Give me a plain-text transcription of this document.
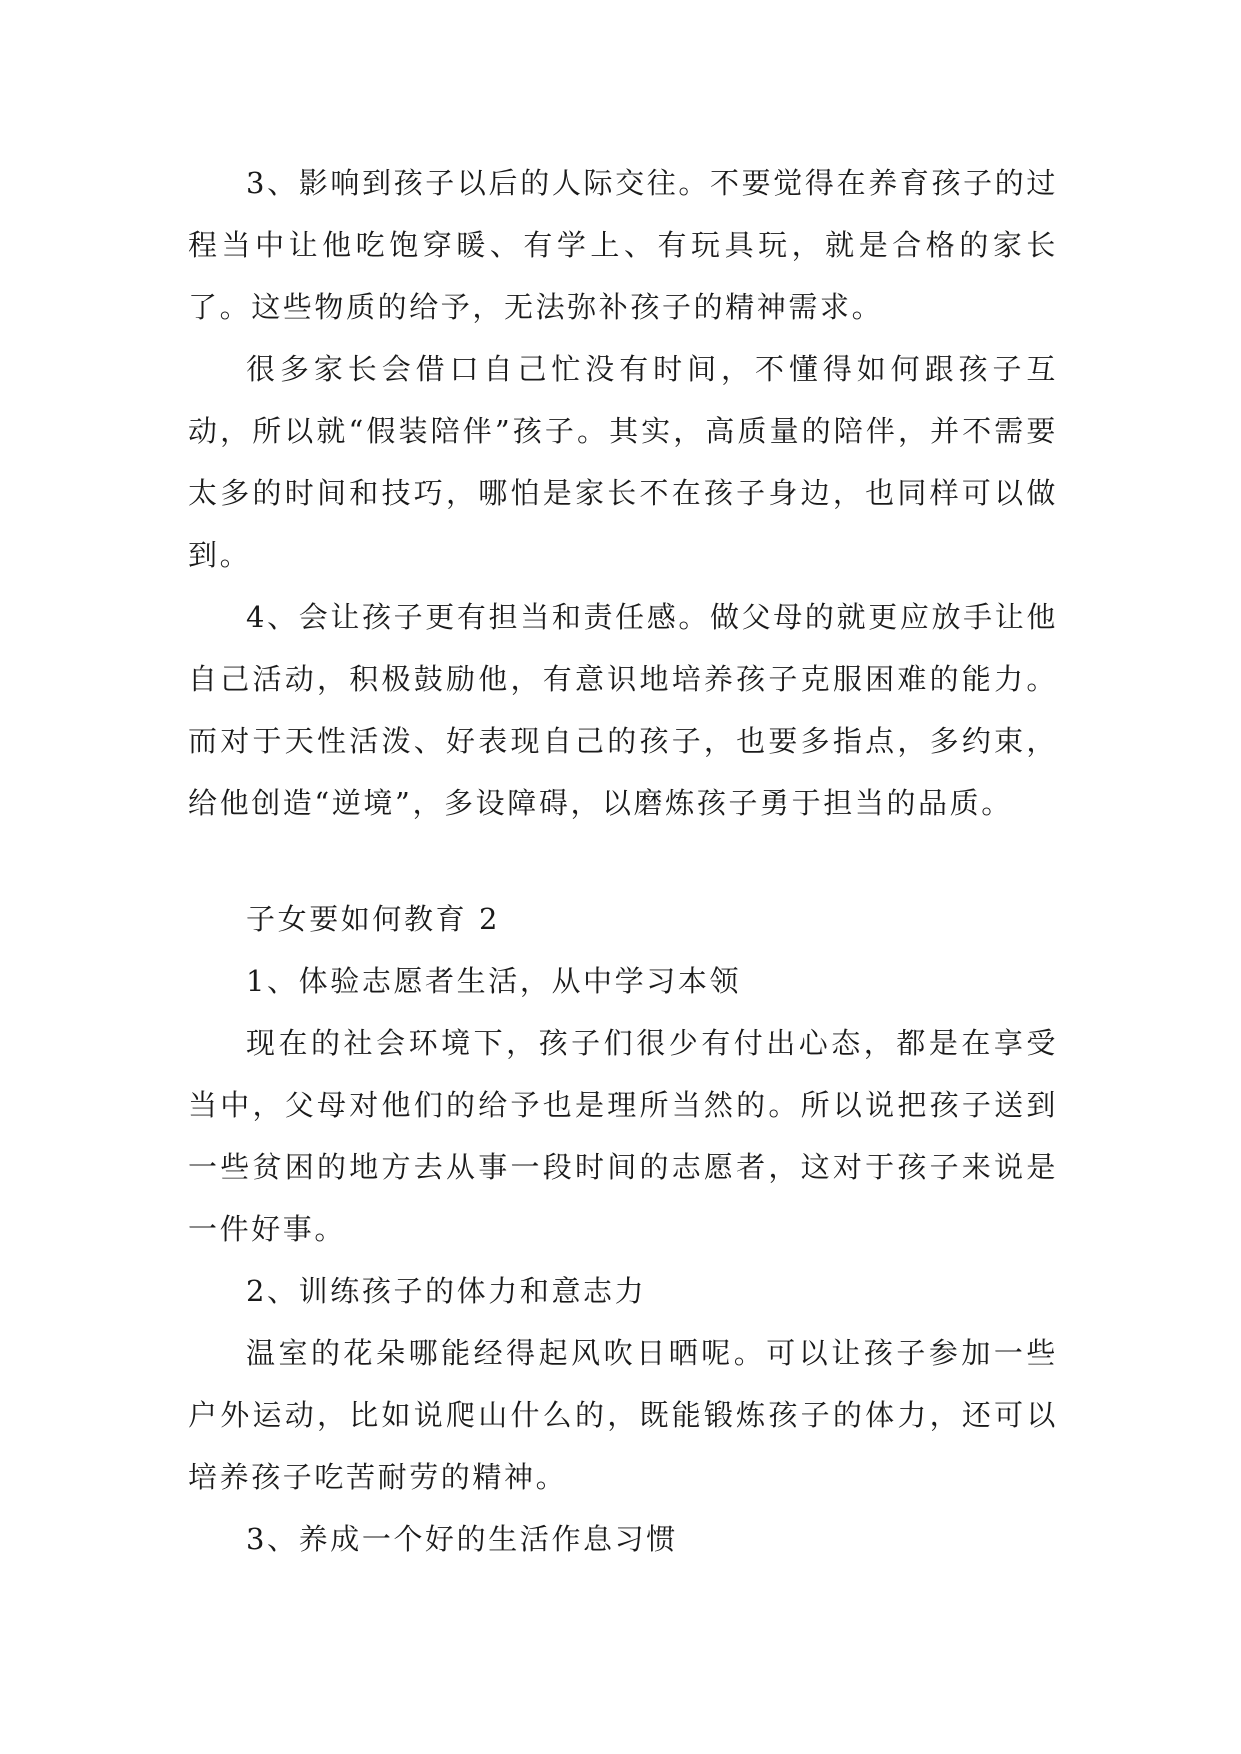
3、影响到孩子以后的人际交往。不要觉得在养育孩子的过程当中让他吃饱穿暖、有学上、有玩具玩，就是合格的家长了。这些物质的给予，无法弥补孩子的精神需求。

很多家长会借口自己忙没有时间，不懂得如何跟孩子互动，所以就“假装陪伴”孩子。其实，高质量的陪伴，并不需要太多的时间和技巧，哪怕是家长不在孩子身边，也同样可以做到。

4、会让孩子更有担当和责任感。做父母的就更应放手让他自己活动，积极鼓励他，有意识地培养孩子克服困难的能力。而对于天性活泼、好表现自己的孩子，也要多指点，多约束，给他创造“逆境”，多设障碍，以磨炼孩子勇于担当的品质。

子女要如何教育 2

1、体验志愿者生活，从中学习本领

现在的社会环境下，孩子们很少有付出心态，都是在享受当中，父母对他们的给予也是理所当然的。所以说把孩子送到一些贫困的地方去从事一段时间的志愿者，这对于孩子来说是一件好事。

2、训练孩子的体力和意志力

温室的花朵哪能经得起风吹日晒呢。可以让孩子参加一些户外运动，比如说爬山什么的，既能锻炼孩子的体力，还可以培养孩子吃苦耐劳的精神。

3、养成一个好的生活作息习惯
